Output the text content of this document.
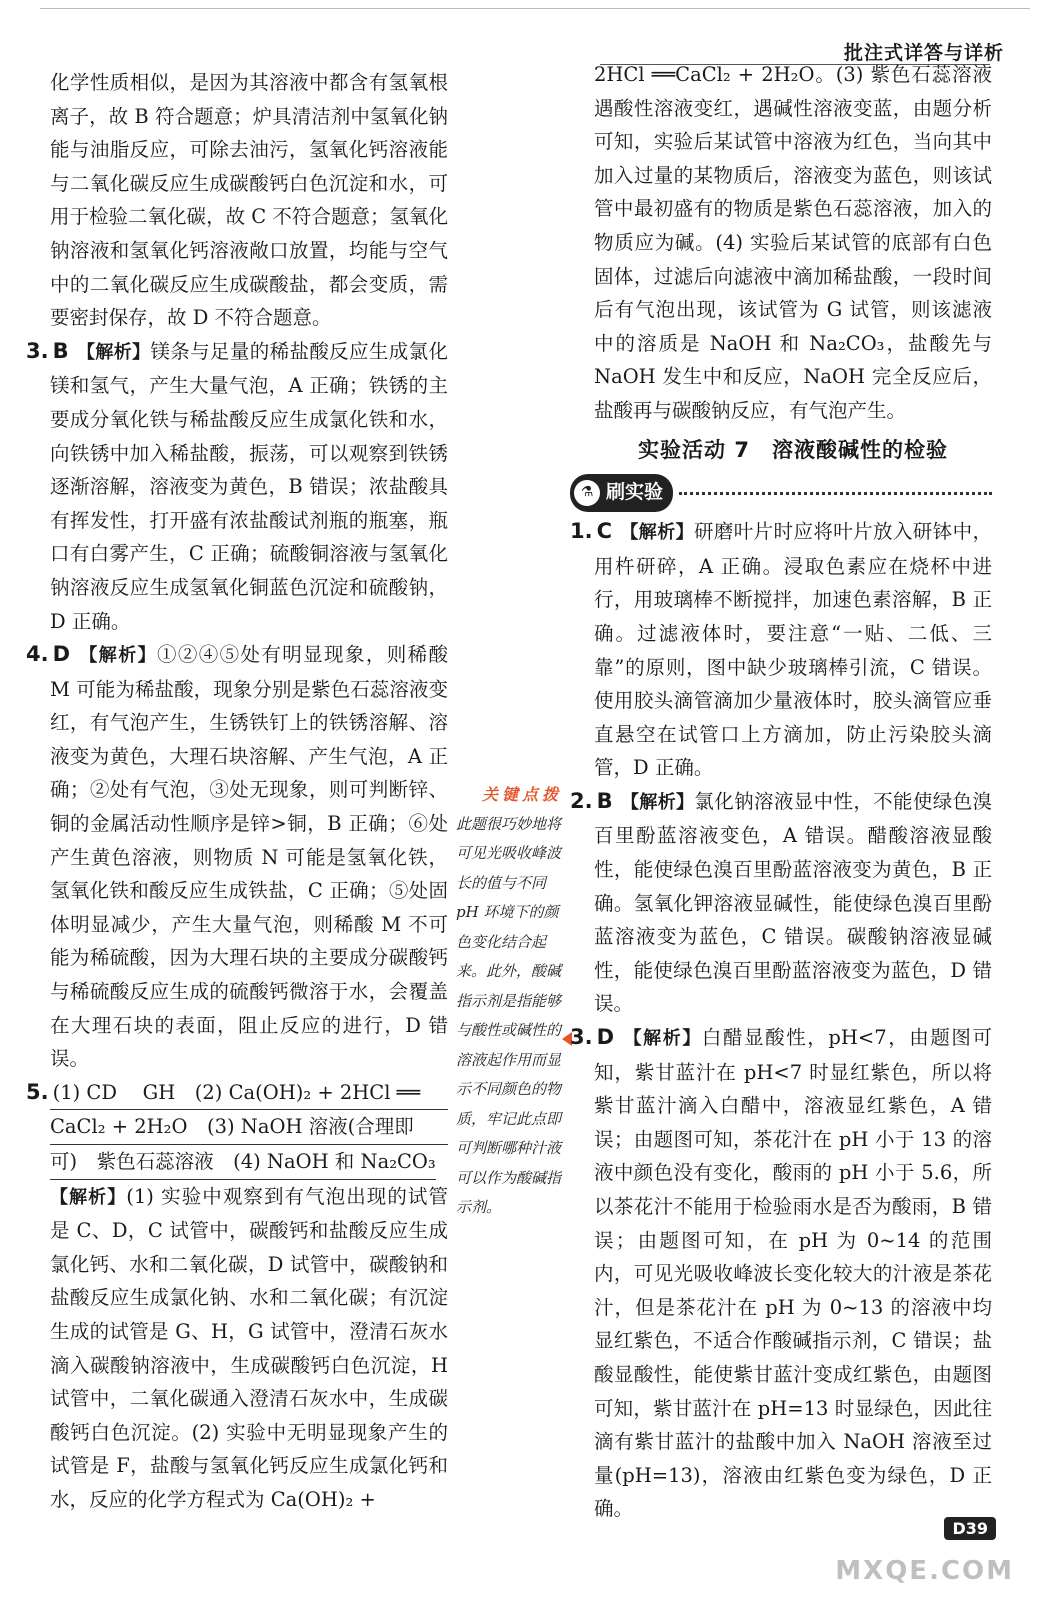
批注式详答与详析

化学性质相似，是因为其溶液中都含有氢氧根离子，故 B 符合题意；炉具清洁剂中氢氧化钠能与油脂反应，可除去油污，氢氧化钙溶液能与二氧化碳反应生成碳酸钙白色沉淀和水，可用于检验二氧化碳，故 C 不符合题意；氢氧化钠溶液和氢氧化钙溶液敞口放置，均能与空气中的二氧化碳反应生成碳酸盐，都会变质，需要密封保存，故 D 不符合题意。

3. B 【解析】镁条与足量的稀盐酸反应生成氯化镁和氢气，产生大量气泡，A 正确；铁锈的主要成分氧化铁与稀盐酸反应生成氯化铁和水，向铁锈中加入稀盐酸，振荡，可以观察到铁锈逐渐溶解，溶液变为黄色，B 错误；浓盐酸具有挥发性，打开盛有浓盐酸试剂瓶的瓶塞，瓶口有白雾产生，C 正确；硫酸铜溶液与氢氧化钠溶液反应生成氢氧化铜蓝色沉淀和硫酸钠，D 正确。

4. D 【解析】①②④⑤处有明显现象，则稀酸 M 可能为稀盐酸，现象分别是紫色石蕊溶液变红，有气泡产生，生锈铁钉上的铁锈溶解、溶液变为黄色，大理石块溶解、产生气泡，A 正确；②处有气泡，③处无现象，则可判断锌、铜的金属活动性顺序是锌>铜，B 正确；⑥处产生黄色溶液，则物质 N 可能是氢氧化铁，氢氧化铁和酸反应生成铁盐，C 正确；⑤处固体明显减少，产生大量气泡，则稀酸 M 不可能为稀硫酸，因为大理石块的主要成分碳酸钙与稀硫酸反应生成的硫酸钙微溶于水，会覆盖在大理石块的表面，阻止反应的进行，D 错误。

5. (1) CD　 GH　(2) Ca(OH)₂ + 2HCl ══
CaCl₂ + 2H₂O　(3) NaOH 溶液(合理即
可)　紫色石蕊溶液　(4) NaOH 和 Na₂CO₃

【解析】(1) 实验中观察到有气泡出现的试管是 C、D，C 试管中，碳酸钙和盐酸反应生成氯化钙、水和二氧化碳，D 试管中，碳酸钠和盐酸反应生成氯化钠、水和二氧化碳；有沉淀生成的试管是 G、H，G 试管中，澄清石灰水滴入碳酸钠溶液中，生成碳酸钙白色沉淀，H 试管中，二氧化碳通入澄清石灰水中，生成碳酸钙白色沉淀。(2) 实验中无明显现象产生的试管是 F，盐酸与氢氧化钙反应生成氯化钙和水，反应的化学方程式为 Ca(OH)₂ +

关键点拨
此题很巧妙地将可见光吸收峰波长的值与不同 pH 环境下的颜色变化结合起来。此外，酸碱指示剂是指能够与酸性或碱性的溶液起作用而显示不同颜色的物质，牢记此点即可判断哪种汁液可以作为酸碱指示剂。

2HCl ══CaCl₂ + 2H₂O。(3) 紫色石蕊溶液遇酸性溶液变红，遇碱性溶液变蓝，由题分析可知，实验后某试管中溶液为红色，当向其中加入过量的某物质后，溶液变为蓝色，则该试管中最初盛有的物质是紫色石蕊溶液，加入的物质应为碱。(4) 实验后某试管的底部有白色固体，过滤后向滤液中滴加稀盐酸，一段时间后有气泡出现，该试管为 G 试管，则该滤液中的溶质是 NaOH 和 Na₂CO₃，盐酸先与 NaOH 发生中和反应，NaOH 完全反应后，盐酸再与碳酸钠反应，有气泡产生。

实验活动 7　溶液酸碱性的检验
⚗ 刷实验

1. C 【解析】研磨叶片时应将叶片放入研钵中，用杵研碎，A 正确。浸取色素应在烧杯中进行，用玻璃棒不断搅拌，加速色素溶解，B 正确。过滤液体时，要注意“一贴、二低、三靠”的原则，图中缺少玻璃棒引流，C 错误。使用胶头滴管滴加少量液体时，胶头滴管应垂直悬空在试管口上方滴加，防止污染胶头滴管，D 正确。

2. B 【解析】氯化钠溶液显中性，不能使绿色溴百里酚蓝溶液变色，A 错误。醋酸溶液显酸性，能使绿色溴百里酚蓝溶液变为黄色，B 正确。氢氧化钾溶液显碱性，能使绿色溴百里酚蓝溶液变为蓝色，C 错误。碳酸钠溶液显碱性，能使绿色溴百里酚蓝溶液变为蓝色，D 错误。

3. D 【解析】白醋显酸性，pH<7，由题图可知，紫甘蓝汁在 pH<7 时显红紫色，所以将紫甘蓝汁滴入白醋中，溶液显红紫色，A 错误；由题图可知，茶花汁在 pH 小于 13 的溶液中颜色没有变化，酸雨的 pH 小于 5.6，所以茶花汁不能用于检验雨水是否为酸雨，B 错误；由题图可知，在 pH 为 0~14 的范围内，可见光吸收峰波长变化较大的汁液是茶花汁，但是茶花汁在 pH 为 0~13 的溶液中均显红紫色，不适合作酸碱指示剂，C 错误；盐酸显酸性，能使紫甘蓝汁变成红紫色，由题图可知，紫甘蓝汁在 pH=13 时显绿色，因此往滴有紫甘蓝汁的盐酸中加入 NaOH 溶液至过量(pH=13)，溶液由红紫色变为绿色，D 正确。

MXQE.COM
D39
